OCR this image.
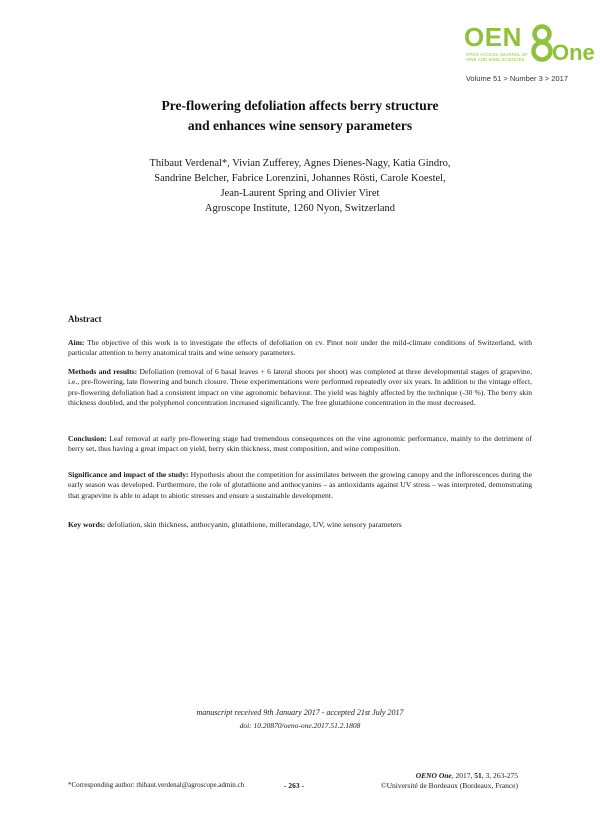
OEN
One
OPEN ACCESS JOURNAL OF VINE AND WINE SCIENCES
Volume 51 > Number 3 > 2017
Pre-flowering defoliation affects berry structure
and enhances wine sensory parameters
Thibaut Verdenal*, Vivian Zufferey, Agnes Dienes-Nagy, Katia Gindro,
Sandrine Belcher, Fabrice Lorenzini, Johannes Rösti, Carole Koestel,
Jean-Laurent Spring and Olivier Viret
Agroscope Institute, 1260 Nyon, Switzerland
Abstract
Aim: The objective of this work is to investigate the effects of defoliation on cv. Pinot noir under the mild-climate conditions of Switzerland, with particular attention to berry anatomical traits and wine sensory parameters.
Methods and results: Defoliation (removal of 6 basal leaves + 6 lateral shoots per shoot) was completed at three developmental stages of grapevine, i.e., pre-flowering, late flowering and bunch closure. These experimentations were performed repeatedly over six years. In addition to the vintage effect, pre-flowering defoliation had a consistent impact on vine agronomic behaviour. The yield was highly affected by the technique (-30 %). The berry skin thickness doubled, and the polyphenol concentration increased significantly. The free glutathione concentration in the must decreased.
Conclusion: Leaf removal at early pre-flowering stage had tremendous consequences on the vine agronomic performance, mainly to the detriment of berry set, thus having a great impact on yield, berry skin thickness, must composition, and wine composition.
Significance and impact of the study: Hypothesis about the competition for assimilates between the growing canopy and the inflorescences during the early season was developed. Furthermore, the role of glutathione and anthocyanins – as antioxidants against UV stress – was interpreted, demonstrating that grapevine is able to adapt to abiotic stresses and ensure a sustainable development.
Key words: defoliation, skin thickness, anthocyanin, glutathione, millerandage, UV, wine sensory parameters
manuscript received 9th January 2017 - accepted 21st July 2017
doi: 10.20870/oeno-one.2017.51.2.1808
OENO One, 2017, 51, 3, 263-275
©Université de Bordeaux (Bordeaux, France)
*Corresponding author: thibaut.verdenal@agroscope.admin.ch	- 263 -
